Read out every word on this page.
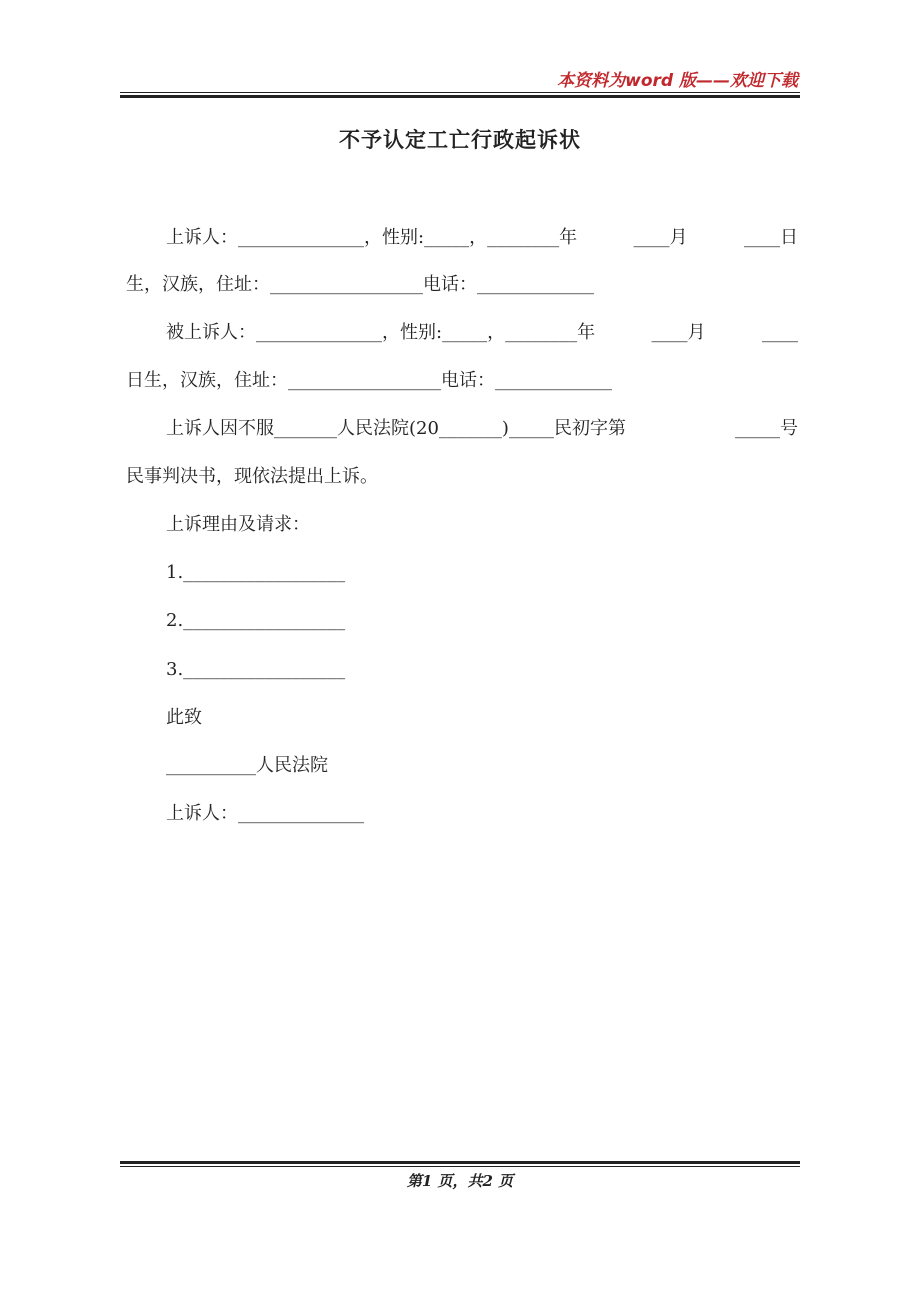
本资料为word 版——欢迎下载
不予认定工亡行政起诉状
上诉人：______________，性别:_____，________年	____月	____日
生，汉族，住址：_________________电话：_____________
被上诉人：______________，性别:_____，________年	____月	____
日生，汉族，住址：_________________电话：_____________
上诉人因不服_______人民法院(20_______)_____民初字第	_____号
民事判决书，现依法提出上诉。
上诉理由及请求：
1.__________________
2.__________________
3.__________________
此致
__________人民法院
上诉人：______________
第1 页，共2 页
